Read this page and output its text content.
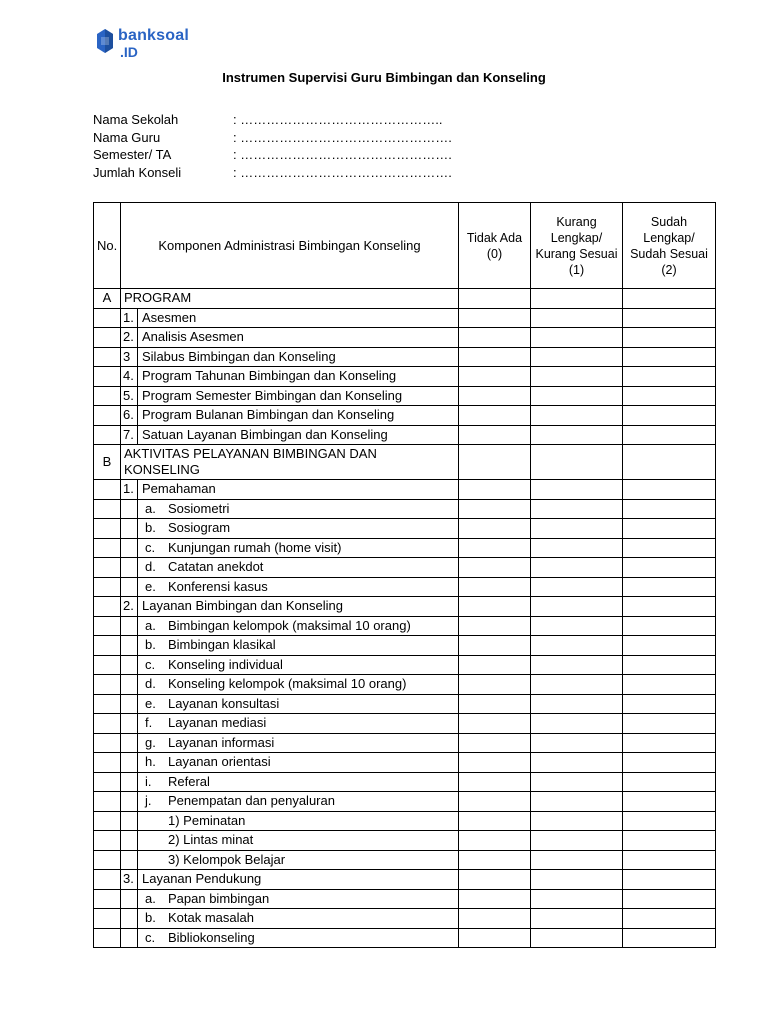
banksoal
.ID
Instrumen Supervisi Guru Bimbingan dan Konseling
Nama Sekolah	: ………………………………………..
Nama Guru	: ………………………………………….
Semester/ TA	: ………………………………………….
Jumlah Konseli	: ………………………………………….
No.	Komponen Administrasi Bimbingan Konseling	Tidak Ada (0)	Kurang Lengkap/ Kurang Sesuai (1)	Sudah Lengkap/ Sudah Sesuai (2)
A	PROGRAM			

1. Asesmen			

2. Analisis Asesmen			

3 Silabus Bimbingan dan Konseling			

4. Program Tahunan Bimbingan dan Konseling			

5. Program Semester Bimbingan dan Konseling			

6. Program Bulanan Bimbingan dan Konseling			

7. Satuan Layanan Bimbingan dan Konseling			

B	AKTIVITAS PELAYANAN BIMBINGAN DAN KONSELING			

1. Pemahaman			

	a. Sosiometri			

	b. Sosiogram			

	c. Kunjungan rumah (home visit)			

	d. Catatan anekdot			

	e. Konferensi kasus			

2. Layanan Bimbingan dan Konseling			

	a. Bimbingan kelompok (maksimal 10 orang)			

	b. Bimbingan klasikal			

	c. Konseling individual			

	d. Konseling kelompok (maksimal 10 orang)			

	e. Layanan konsultasi			

	f. Layanan mediasi			

	g. Layanan informasi			

	h. Layanan orientasi			

	i. Referal			

	j. Penempatan dan penyaluran			

	1) Peminatan			

	2) Lintas minat			

	3) Kelompok Belajar			

3. Layanan Pendukung			

	a. Papan bimbingan			

	b. Kotak masalah			

	c. Bibliokonseling			
